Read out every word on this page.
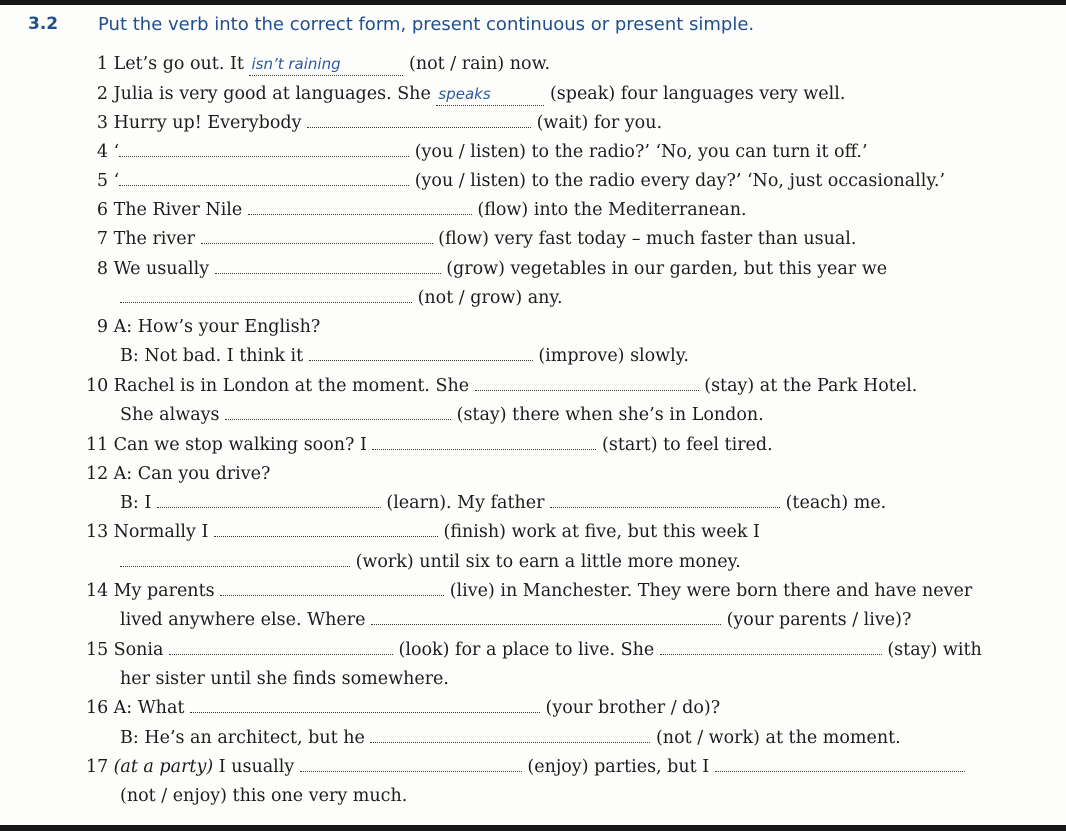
3.2 Put the verb into the correct form, present continuous or present simple.
1 Let’s go out. It isn’t raining	(not / rain) now.
2 Julia is very good at languages. She speaks	(speak) four languages very well.
3 Hurry up! Everybody	(wait) for you.
4 ‘	(you / listen) to the radio?’ ‘No, you can turn it off.’
5 ‘	(you / listen) to the radio every day?’ ‘No, just occasionally.’
6 The River Nile	(flow) into the Mediterranean.
7 The river	(flow) very fast today – much faster than usual.
8 We usually	(grow) vegetables in our garden, but this year we
(not / grow) any.
9 A: How’s your English?
B: Not bad. I think it	(improve) slowly.
10 Rachel is in London at the moment. She	(stay) at the Park Hotel.
She always	(stay) there when she’s in London.
11 Can we stop walking soon? I	(start) to feel tired.
12 A: Can you drive?
B: I	(learn). My father	(teach) me.
13 Normally I	(finish) work at five, but this week I
(work) until six to earn a little more money.
14 My parents	(live) in Manchester. They were born there and have never
lived anywhere else. Where	(your parents / live)?
15 Sonia	(look) for a place to live. She	(stay) with
her sister until she finds somewhere.
16 A: What	(your brother / do)?
B: He’s an architect, but he	(not / work) at the moment.
17 (at a party) I usually	(enjoy) parties, but I
(not / enjoy) this one very much.
